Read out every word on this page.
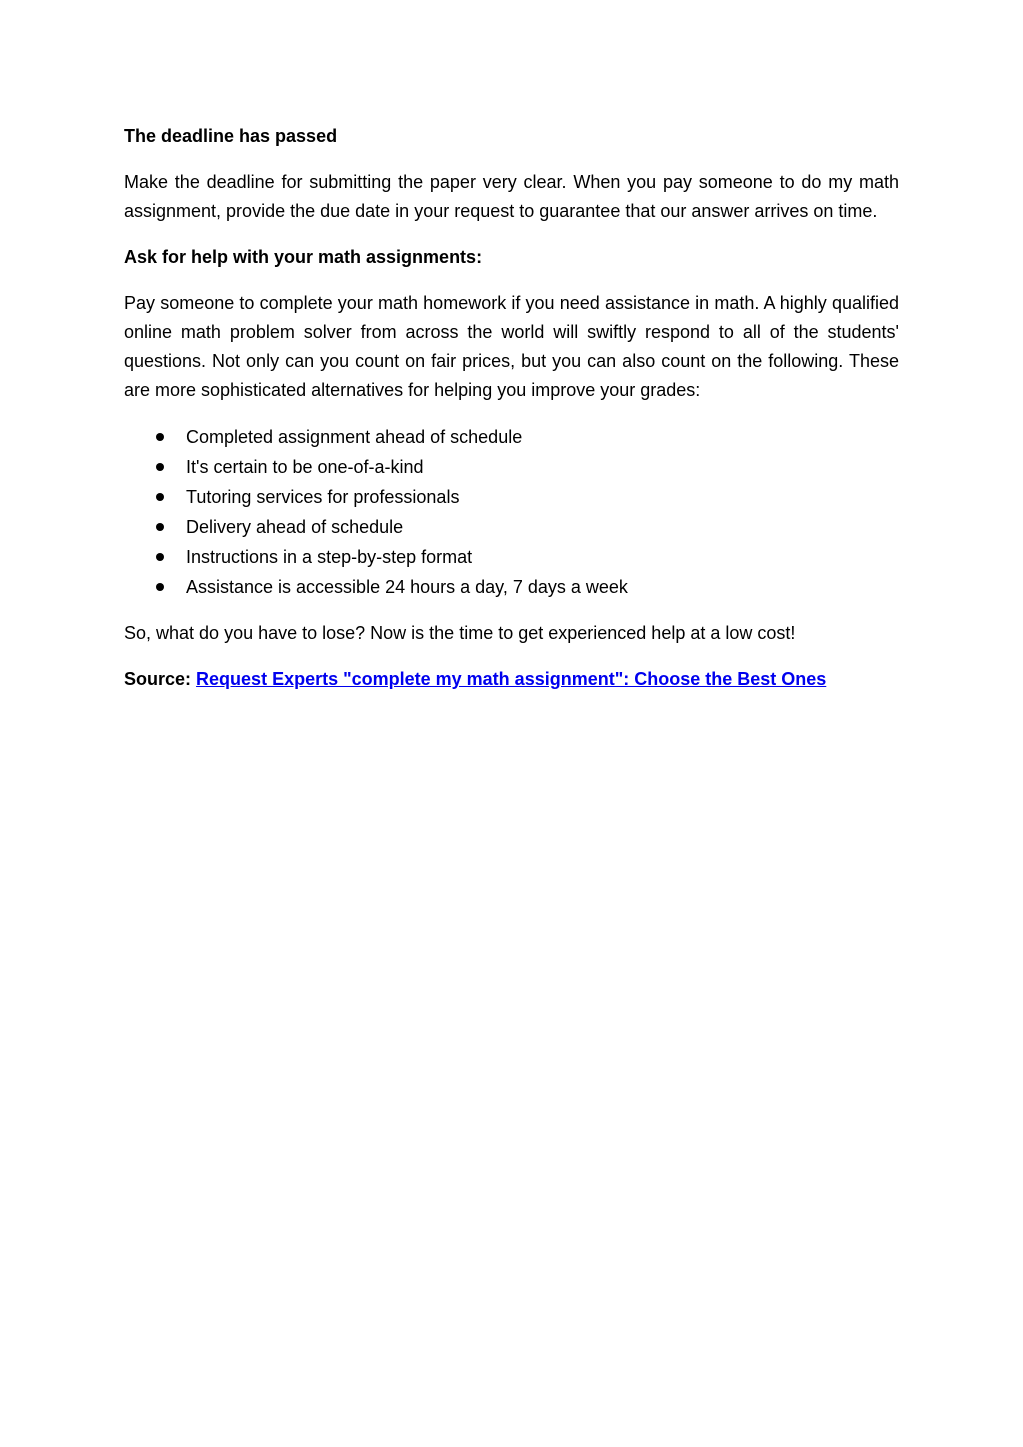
The deadline has passed

Make the deadline for submitting the paper very clear. When you pay someone to do my math assignment, provide the due date in your request to guarantee that our answer arrives on time.

Ask for help with your math assignments:

Pay someone to complete your math homework if you need assistance in math. A highly qualified online math problem solver from across the world will swiftly respond to all of the students' questions. Not only can you count on fair prices, but you can also count on the following. These are more sophisticated alternatives for helping you improve your grades:

Completed assignment ahead of schedule
It's certain to be one-of-a-kind
Tutoring services for professionals
Delivery ahead of schedule
Instructions in a step-by-step format
Assistance is accessible 24 hours a day, 7 days a week

So, what do you have to lose? Now is the time to get experienced help at a low cost!

Source: Request Experts "complete my math assignment": Choose the Best Ones
